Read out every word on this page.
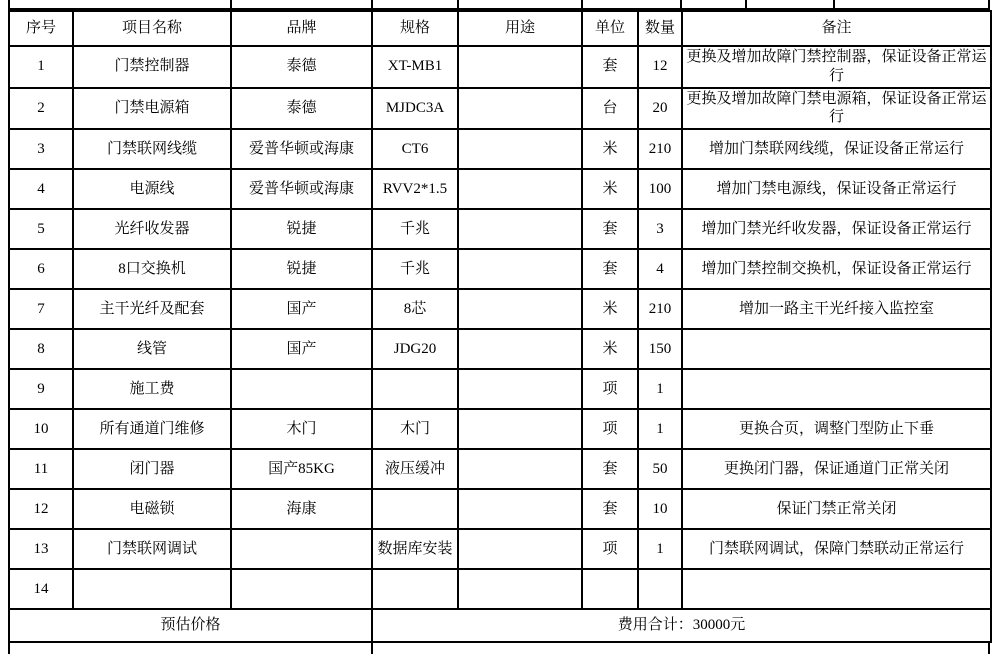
序号	项目名称	品牌	规格	用途	单位	数量	备注
1	门禁控制器	泰德	XT-MB1		套	12	更换及增加故障门禁控制器，保证设备正常运行
2	门禁电源箱	泰德	MJDC3A		台	20	更换及增加故障门禁电源箱，保证设备正常运行
3	门禁联网线缆	爱普华顿或海康	CT6		米	210	增加门禁联网线缆，保证设备正常运行
4	电源线	爱普华顿或海康	RVV2*1.5		米	100	增加门禁电源线，保证设备正常运行
5	光纤收发器	锐捷	千兆		套	3	增加门禁光纤收发器，保证设备正常运行
6	8口交换机	锐捷	千兆		套	4	增加门禁控制交换机，保证设备正常运行
7	主干光纤及配套	国产	8芯		米	210	增加一路主干光纤接入监控室
8	线管	国产	JDG20		米	150	
9	施工费				项	1	
10	所有通道门维修	木门	木门		项	1	更换合页，调整门型防止下垂
11	闭门器	国产85KG	液压缓冲		套	50	更换闭门器，保证通道门正常关闭
12	电磁锁	海康			套	10	保证门禁正常关闭
13	门禁联网调试		数据库安装		项	1	门禁联网调试，保障门禁联动正常运行
14							
预估价格			费用合计：30000元				
